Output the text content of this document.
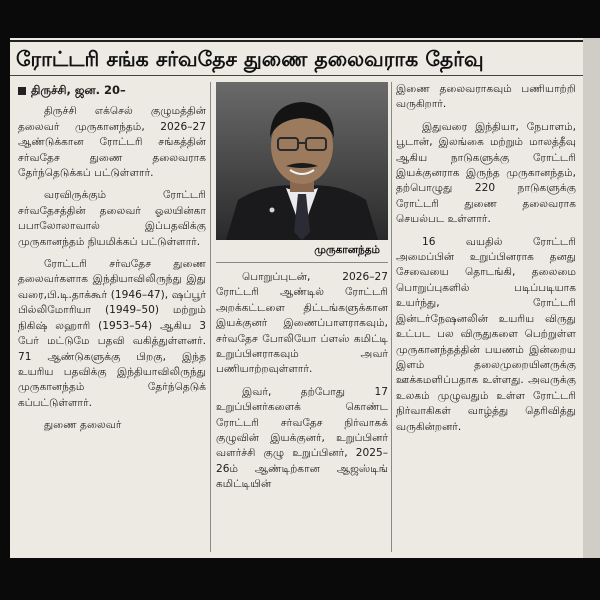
ரோட்டரி சங்க சர்வதேச துணை தலைவராக தேர்வு
திருச்சி, ஜன. 20–

திருச்சி எக்செல் குழுமத்தின் தலைவர் முருகானந்தம், 2026–27 ஆண்டுக்கான ரோட்டரி சங்கத்தின் சர்வதேச துணை தலைவராக தேர்ந்தெடுக்கப் பட்டுள்ளார்.

வரவிருக்கும் ரோட்டரி சர்வதேசத்தின் தலைவர் ஓலயின்கா பபாலோலாவால் இப்பதவிக்கு முருகானந்தம் நியமிக்கப் பட்டுள்ளார்.

ரோட்டரி சர்வதேச துணை தலைவர்களாக இந்தியாவிலிருந்து இது வரை,பி.டி.தாக்கூர் (1946–47), ஷப்பூர் பில்லிமோரியா (1949–50) மற்றும் நிகிஷ் லஹாரி (1953–54) ஆகிய 3 பேர் மட்டுமே பதவி வகித்துள்ளனர். 71 ஆண்டுகளுக்கு பிறகு, இந்த உயரிய பதவிக்கு இந்தியாவிலிருந்து முருகானந்தம் தேர்ந்தெடுக் கப்பட்டுள்ளார்.

துணை தலைவர்

முருகானந்தம்

பொறுப்புடன், 2026–27 ரோட்டரி ஆண்டில் ரோட்டரி அறக்கட்டளை திட்டங்களுக்கான இயக்குனர் இணைப்பாளராகவும், சர்வதேச போலியோ ப்ளஸ் கமிட்டி உறுப்பினராகவும் அவர் பணியாற்றவுள்ளார்.

இவர், தற்போது 17 உறுப்பினர்களைக் கொண்ட ரோட்டரி சர்வதேச நிர்வாகக் குழுவின் இயக்குனர், உறுப்பினர் வளர்ச்சி குழு உறுப்பினர், 2025–26ம் ஆண்டிற்கான ஆஜஸ்டிங் கமிட்டியின்

இணை தலைவராகவும் பணியாற்றி வருகிறார்.

இதுவரை இந்தியா, நேபாளம், பூடான், இலங்கை மற்றும் மாலத்தீவு ஆகிய நாடுகளுக்கு ரோட்டரி இயக்குனராக இருந்த முருகானந்தம், தற்பொழுது 220 நாடுகளுக்கு ரோட்டரி துணை தலைவராக செயல்பட உள்ளார்.

16 வயதில் ரோட்டரி அமைப்பின் உறுப்பினராக தனது சேவையை தொடங்கி, தலைமை பொறுப்புகளில் படிப்படியாக உயர்ந்து, ரோட்டரி இன்டர்நேஷனலின் உயரிய விருது உட்பட பல விருதுகளை பெற்றுள்ள முருகானந்தத்தின் பயணம் இன்றைய இளம் தலைமுறையினருக்கு ஊக்கமளிப்பதாக உள்ளது. அவருக்கு உலகம் முழுவதும் உள்ள ரோட்டரி நிர்வாகிகள் வாழ்த்து தெரிவித்து வருகின்றனர்.
